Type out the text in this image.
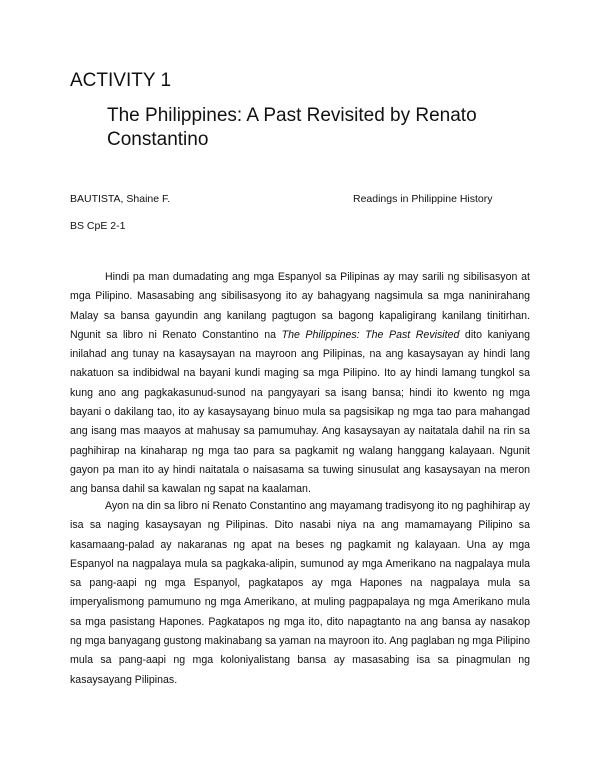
ACTIVITY 1
The Philippines: A Past Revisited by Renato Constantino
BAUTISTA, Shaine F.	Readings in Philippine History
BS CpE 2-1

Hindi pa man dumadating ang mga Espanyol sa Pilipinas ay may sarili ng sibilisasyon at mga Pilipino. Masasabing ang sibilisasyong ito ay bahagyang nagsimula sa mga naninirahang Malay sa bansa gayundin ang kanilang pagtugon sa bagong kapaligirang kanilang tinitirhan. Ngunit sa libro ni Renato Constantino na The Philippines: The Past Revisited dito kaniyang inilahad ang tunay na kasaysayan na mayroon ang Pilipinas, na ang kasaysayan ay hindi lang nakatuon sa indibidwal na bayani kundi maging sa mga Pilipino. Ito ay hindi lamang tungkol sa kung ano ang pagkakasunud-sunod na pangyayari sa isang bansa; hindi ito kwento ng mga bayani o dakilang tao, ito ay kasaysayang binuo mula sa pagsisikap ng mga tao para mahangad ang isang mas maayos at mahusay sa pamumuhay. Ang kasaysayan ay naitatala dahil na rin sa paghihirap na kinaharap ng mga tao para sa pagkamit ng walang hanggang kalayaan. Ngunit gayon pa man ito ay hindi naitatala o naisasama sa tuwing sinusulat ang kasaysayan na meron ang bansa dahil sa kawalan ng sapat na kaalaman.

Ayon na din sa libro ni Renato Constantino ang mayamang tradisyong ito ng paghihirap ay isa sa naging kasaysayan ng Pilipinas. Dito nasabi niya na ang mamamayang Pilipino sa kasamaang-palad ay nakaranas ng apat na beses ng pagkamit ng kalayaan. Una ay mga Espanyol na nagpalaya mula sa pagkaka-alipin, sumunod ay mga Amerikano na nagpalaya mula sa pang-aapi ng mga Espanyol, pagkatapos ay mga Hapones na nagpalaya mula sa imperyalismong pamumuno ng mga Amerikano, at muling pagpapalaya ng mga Amerikano mula sa mga pasistang Hapones. Pagkatapos ng mga ito, dito napagtanto na ang bansa ay nasakop ng mga banyagang gustong makinabang sa yaman na mayroon ito. Ang paglaban ng mga Pilipino mula sa pang-aapi ng mga koloniyalistang bansa ay masasabing isa sa pinagmulan ng kasaysayang Pilipinas.
